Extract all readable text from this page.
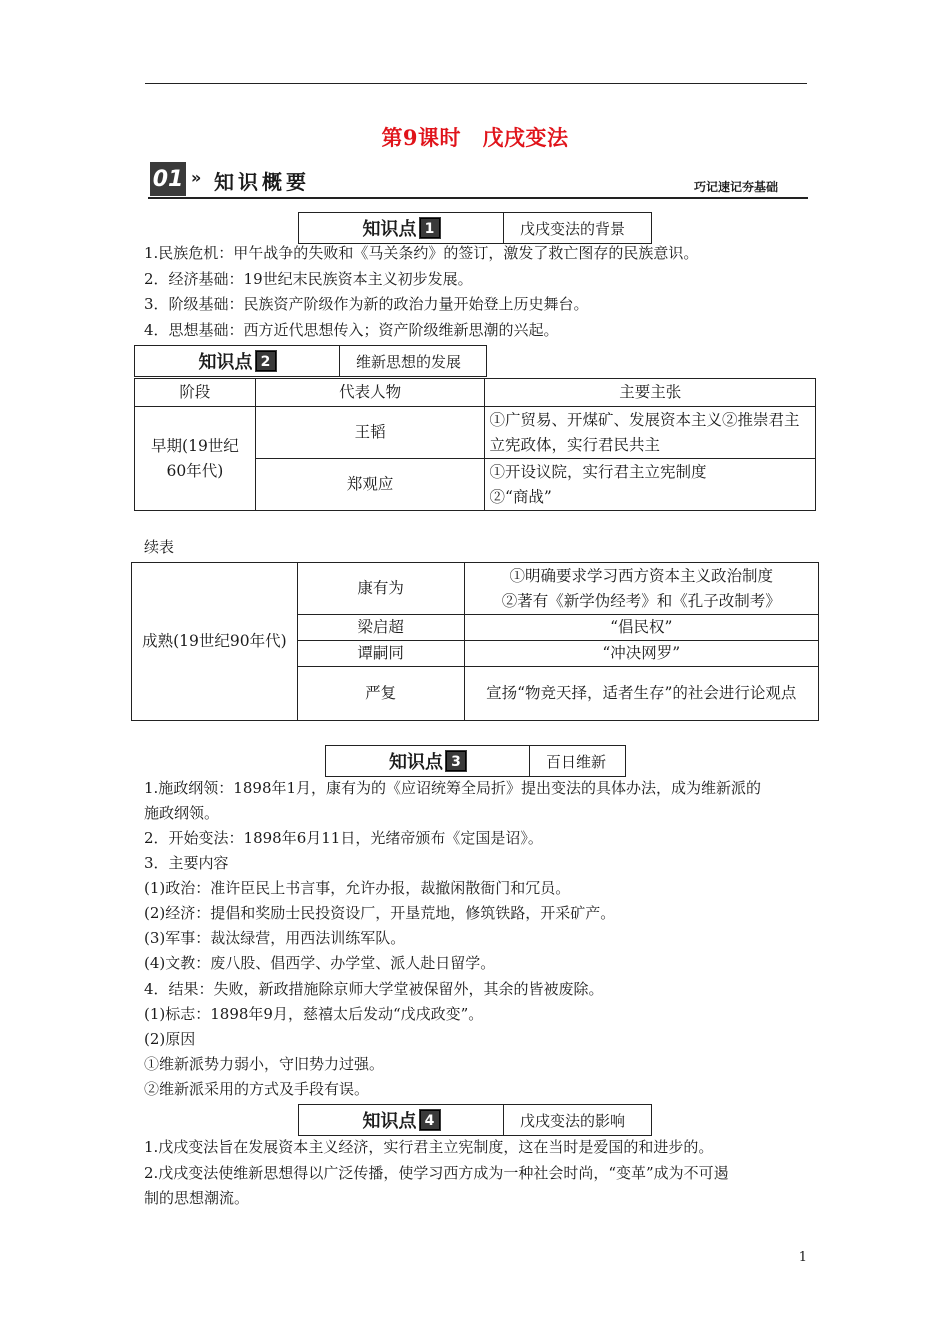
第9课时　戊戌变法
01 » 知识概要	巧记速记夯基础
知识点 1	戊戌变法的背景
1.民族危机：甲午战争的失败和《马关条约》的签订，激发了救亡图存的民族意识。
2．经济基础：19世纪末民族资本主义初步发展。
3．阶级基础：民族资产阶级作为新的政治力量开始登上历史舞台。
4．思想基础：西方近代思想传入；资产阶级维新思潮的兴起。
知识点 2	维新思想的发展
阶段	代表人物	主要主张
早期(19世纪60年代)	王韬	①广贸易、开煤矿、发展资本主义②推崇君主立宪政体，实行君民共主
	郑观应	①开设议院，实行君主立宪制度
②“商战”
续表
成熟(19世纪90年代)	康有为	①明确要求学习西方资本主义政治制度
②著有《新学伪经考》和《孔子改制考》

	梁启超	“倡民权”
	谭嗣同	“冲决网罗”
	严复	宣扬“物竞天择，适者生存”的社会进行论观点
知识点 3	百日维新
1.施政纲领：1898年1月，康有为的《应诏统筹全局折》提出变法的具体办法，成为维新派的
施政纲领。
2．开始变法：1898年6月11日，光绪帝颁布《定国是诏》。
3．主要内容
(1)政治：准许臣民上书言事，允许办报，裁撤闲散衙门和冗员。
(2)经济：提倡和奖励士民投资设厂，开垦荒地，修筑铁路，开采矿产。
(3)军事：裁汰绿营，用西法训练军队。
(4)文教：废八股、倡西学、办学堂、派人赴日留学。
4．结果：失败，新政措施除京师大学堂被保留外，其余的皆被废除。
(1)标志：1898年9月，慈禧太后发动“戊戌政变”。
(2)原因
①维新派势力弱小，守旧势力过强。
②维新派采用的方式及手段有误。
知识点 4	戊戌变法的影响
1.戊戌变法旨在发展资本主义经济，实行君主立宪制度，这在当时是爱国的和进步的。
2.戊戌变法使维新思想得以广泛传播，使学习西方成为一种社会时尚，“变革”成为不可遏
制的思想潮流。
1
